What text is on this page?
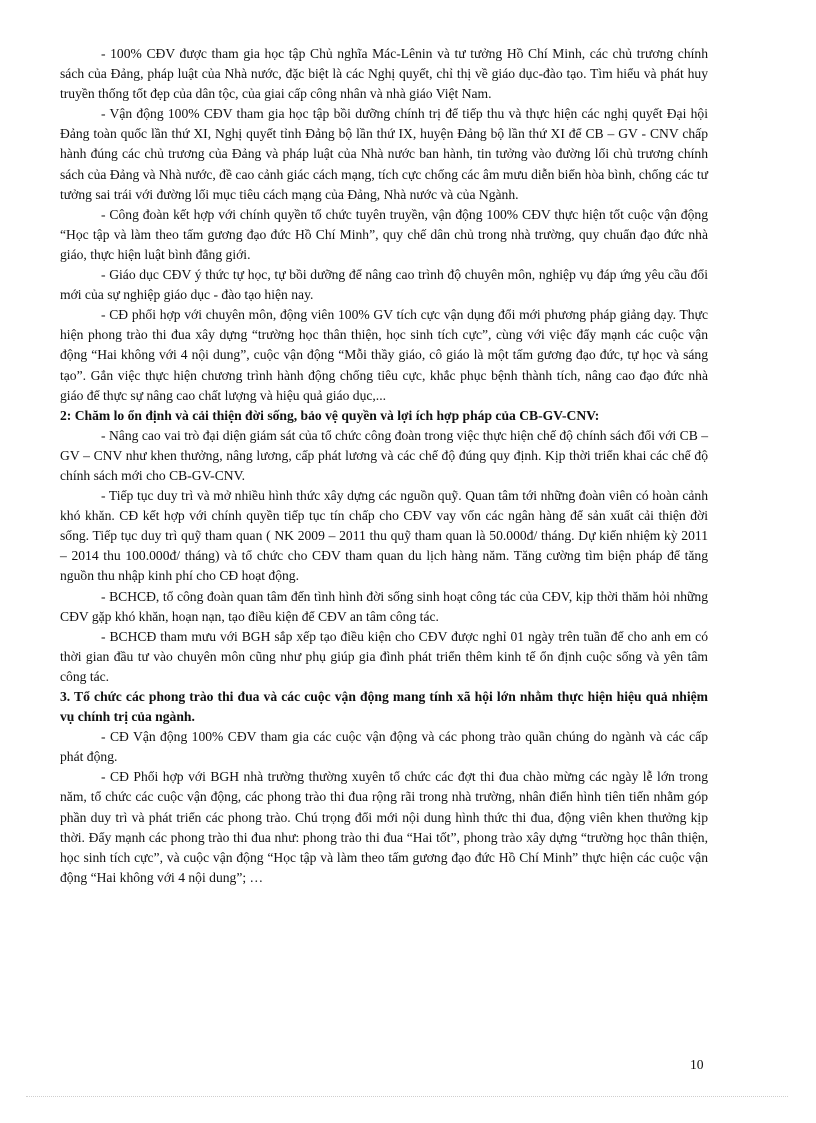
- 100% CĐV được tham gia học tập Chủ nghĩa Mác-Lênin và tư tưởng Hồ Chí Minh, các chủ trương chính sách của Đảng, pháp luật của Nhà nước, đặc biệt là các Nghị quyết, chỉ thị về giáo dục-đào tạo. Tìm hiểu và phát huy truyền thống tốt đẹp của dân tộc, của giai cấp công nhân và nhà giáo Việt Nam.

- Vận động 100% CĐV tham gia học tập bồi dưỡng chính trị để tiếp thu và thực hiện các nghị quyết Đại hội Đảng toàn quốc lần thứ XI, Nghị quyết tỉnh Đảng bộ lần thứ IX, huyện Đảng bộ lần thứ XI để CB – GV - CNV chấp hành đúng các chủ trương của Đảng và pháp luật của Nhà nước ban hành, tin tưởng vào đường lối chủ trương chính sách của Đảng và Nhà nước, đề cao cảnh giác cách mạng, tích cực chống các âm mưu diễn biến hòa bình, chống các tư tưởng sai trái với đường lối mục tiêu cách mạng của Đảng, Nhà nước và của Ngành.

- Công đoàn kết hợp với chính quyền tổ chức tuyên truyền, vận động 100% CĐV thực hiện tốt cuộc vận động “Học tập và làm theo tấm gương đạo đức Hồ Chí Minh”, quy chế dân chủ trong nhà trường, quy chuẩn đạo đức nhà giáo, thực hiện luật bình đẳng giới.

- Giáo dục CĐV ý thức tự học, tự bồi dưỡng để nâng cao trình độ chuyên môn, nghiệp vụ đáp ứng yêu cầu đổi mới của sự nghiệp giáo dục - đào tạo hiện nay.

- CĐ phối hợp với chuyên môn, động viên 100% GV tích cực vận dụng đổi mới phương pháp giảng dạy. Thực hiện phong trào thi đua xây dựng “trường học thân thiện, học sinh tích cực”, cùng với việc đẩy mạnh các cuộc vận động “Hai không với 4 nội dung”, cuộc vận động “Mỗi thầy giáo, cô giáo là một tấm gương đạo đức, tự học và sáng tạo”. Gắn việc thực hiện chương trình hành động chống tiêu cực, khắc phục bệnh thành tích, nâng cao đạo đức nhà giáo để thực sự nâng cao chất lượng và hiệu quả giáo dục,...

2: Chăm lo ổn định và cải thiện đời sống, bảo vệ quyền và lợi ích hợp pháp của CB-GV-CNV:

- Nâng cao vai trò đại diện giám sát của tổ chức công đoàn trong việc thực hiện chế độ chính sách đối với CB – GV – CNV như khen thưởng, nâng lương, cấp phát lương và các chế độ đúng quy định. Kịp thời triển khai các chế độ chính sách mới cho CB-GV-CNV.

- Tiếp tục duy trì và mở nhiều hình thức xây dựng các nguồn quỹ. Quan tâm tới những đoàn viên có hoàn cảnh khó khăn. CĐ kết hợp với chính quyền tiếp tục tín chấp cho CĐV vay vốn các ngân hàng để sản xuất cải thiện đời sống. Tiếp tục duy trì quỹ tham quan ( NK 2009 – 2011 thu quỹ tham quan là 50.000đ/ tháng. Dự kiến nhiệm kỳ 2011 – 2014 thu 100.000đ/ tháng) và tổ chức cho CĐV tham quan du lịch hàng năm. Tăng cường tìm biện pháp để tăng nguồn thu nhập kinh phí cho CĐ hoạt động.

- BCHCĐ, tổ công đoàn quan tâm đến tình hình đời sống sinh hoạt công tác của CĐV, kịp thời thăm hỏi những CĐV gặp khó khăn, hoạn nạn, tạo điều kiện để CĐV an tâm công tác.

- BCHCĐ tham mưu với BGH sắp xếp tạo điều kiện cho CĐV được nghỉ 01 ngày trên tuần để cho anh em có thời gian đầu tư vào chuyên môn cũng như phụ giúp gia đình phát triển thêm kinh tế ổn định cuộc sống và yên tâm công tác.

3. Tổ chức các phong trào thi đua và các cuộc vận động mang tính xã hội lớn nhằm thực hiện hiệu quả nhiệm vụ chính trị của ngành.

- CĐ Vận động 100% CĐV tham gia các cuộc vận động và các phong trào quần chúng do ngành và các cấp phát động.

- CĐ Phối hợp với BGH nhà trường thường xuyên tổ chức các đợt thi đua chào mừng các ngày lễ lớn trong năm, tổ chức các cuộc vận động, các phong trào thi đua rộng rãi trong nhà trường, nhân điển hình tiên tiến nhằm góp phần duy trì và phát triển các phong trào. Chú trọng đổi mới nội dung hình thức thi đua, động viên khen thưởng kịp thời. Đẩy mạnh các phong trào thi đua như: phong trào thi đua “Hai tốt”, phong trào xây dựng “trường học thân thiện, học sinh tích cực”, và cuộc vận động “Học tập và làm theo tấm gương đạo đức Hồ Chí Minh” thực hiện các cuộc vận động “Hai không với 4 nội dung”; …

10
